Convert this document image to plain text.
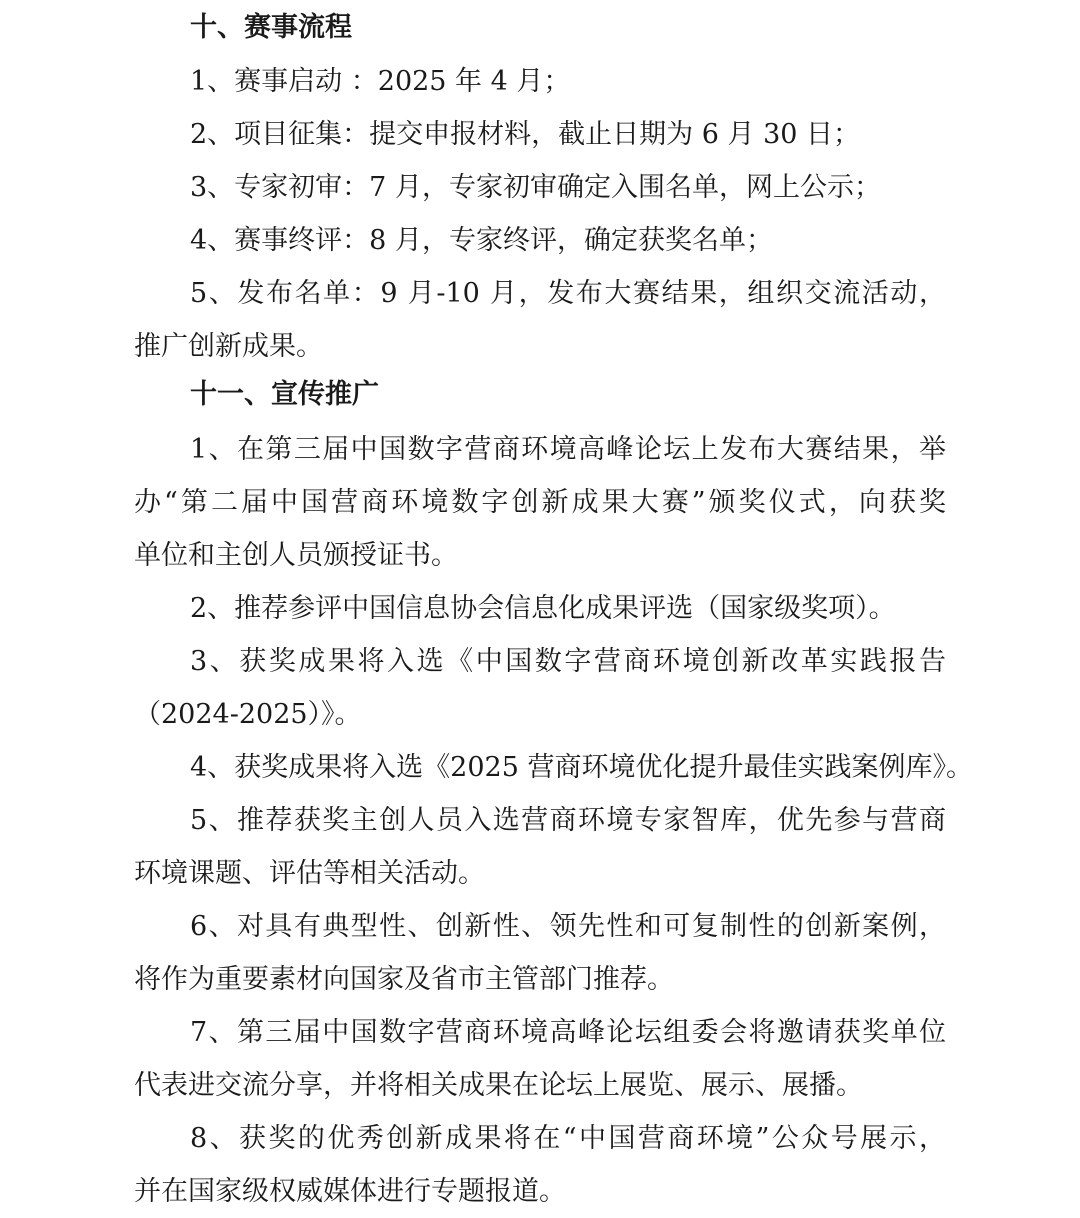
十、赛事流程

1、赛事启动 ：2025 年 4 月；

2、项目征集：提交申报材料，截止日期为 6 月 30 日；

3、专家初审：7 月，专家初审确定入围名单，网上公示；

4、赛事终评：8 月，专家终评，确定获奖名单；

5、发布名单：9 月-10 月，发布大赛结果，组织交流活动，
推广创新成果。

十一、宣传推广

1、在第三届中国数字营商环境高峰论坛上发布大赛结果，举
办“第二届中国营商环境数字创新成果大赛”颁奖仪式，向获奖
单位和主创人员颁授证书。

2、推荐参评中国信息协会信息化成果评选（国家级奖项）。

3、获奖成果将入选《中国数字营商环境创新改革实践报告
（2024-2025）》。

4、获奖成果将入选《2025 营商环境优化提升最佳实践案例库》。

5、推荐获奖主创人员入选营商环境专家智库，优先参与营商
环境课题、评估等相关活动。

6、对具有典型性、创新性、领先性和可复制性的创新案例，
将作为重要素材向国家及省市主管部门推荐。

7、第三届中国数字营商环境高峰论坛组委会将邀请获奖单位
代表进交流分享，并将相关成果在论坛上展览、展示、展播。

8、获奖的优秀创新成果将在“中国营商环境”公众号展示，
并在国家级权威媒体进行专题报道。
